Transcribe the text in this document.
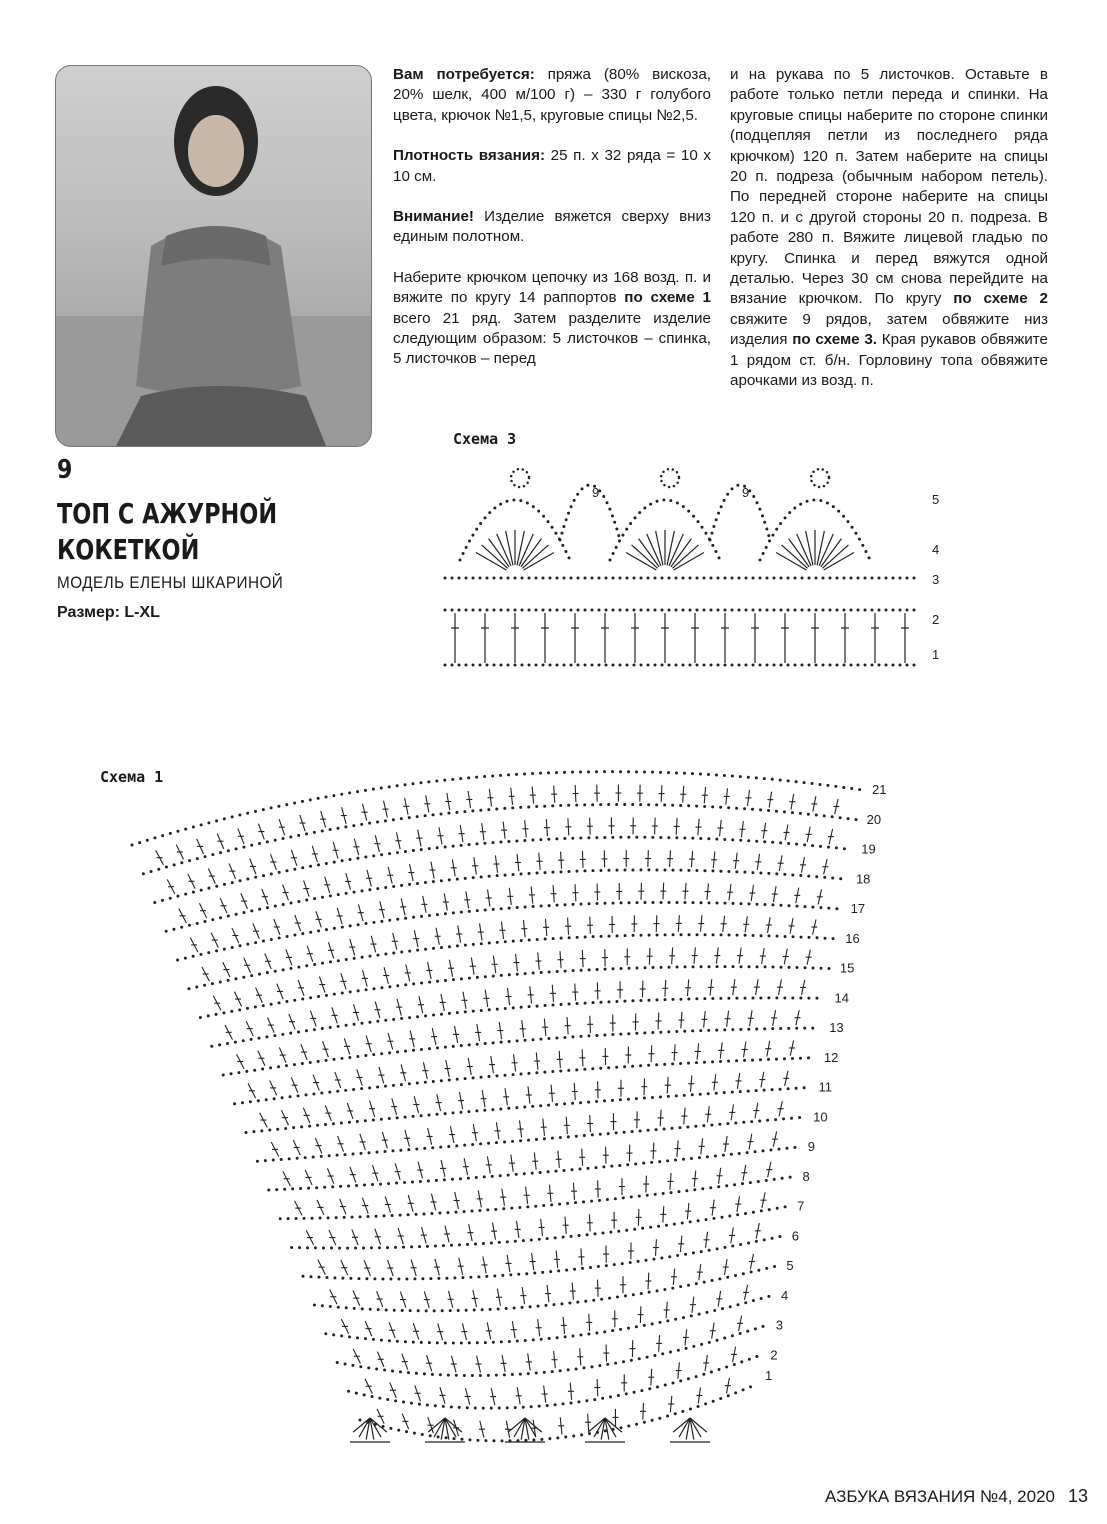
Вам потребуется: пряжа (80% вискоза, 20% шелк, 400 м/100 г) – 330 г голубого цвета, крючок №1,5, круговые спицы №2,5.

Плотность вязания: 25 п. х 32 ряда = 10 х 10 см.

Внимание! Изделие вяжется сверху вниз единым полотном.

Наберите крючком цепочку из 168 возд. п. и вяжите по кругу 14 раппортов по схеме 1 всего 21 ряд. Затем разделите изделие следующим образом: 5 листочков – спинка, 5 листочков – перед

и на рукава по 5 листочков. Оставьте в работе только петли переда и спинки. На круговые спицы наберите по стороне спинки (подцепляя петли из последнего ряда крючком) 120 п. Затем наберите на спицы 20 п. подреза (обычным набором петель). По передней стороне наберите на спицы 120 п. и с другой стороны 20 п. подреза. В работе 280 п. Вяжите лицевой гладью по кругу. Спинка и перед вяжутся одной деталью. Через 30 см снова перейдите на вязание крючком. По кругу по схеме 2 свяжите 9 рядов, затем обвяжите низ изделия по схеме 3. Края рукавов обвяжите 1 рядом ст. б/н. Горловину топа обвяжите арочками из возд. п.

9
ТОП С АЖУРНОЙ КОКЕТКОЙ
МОДЕЛЬ ЕЛЕНЫ ШКАРИНОЙ
Размер: L-XL
Схема 3
9	9
1
2
3
4
5
Схема 1
1
2
3
4
5
6
7
8
9
10
11
12
13
14
15
16
17
18
19
20
21
АЗБУКА ВЯЗАНИЯ №4, 2020 13
